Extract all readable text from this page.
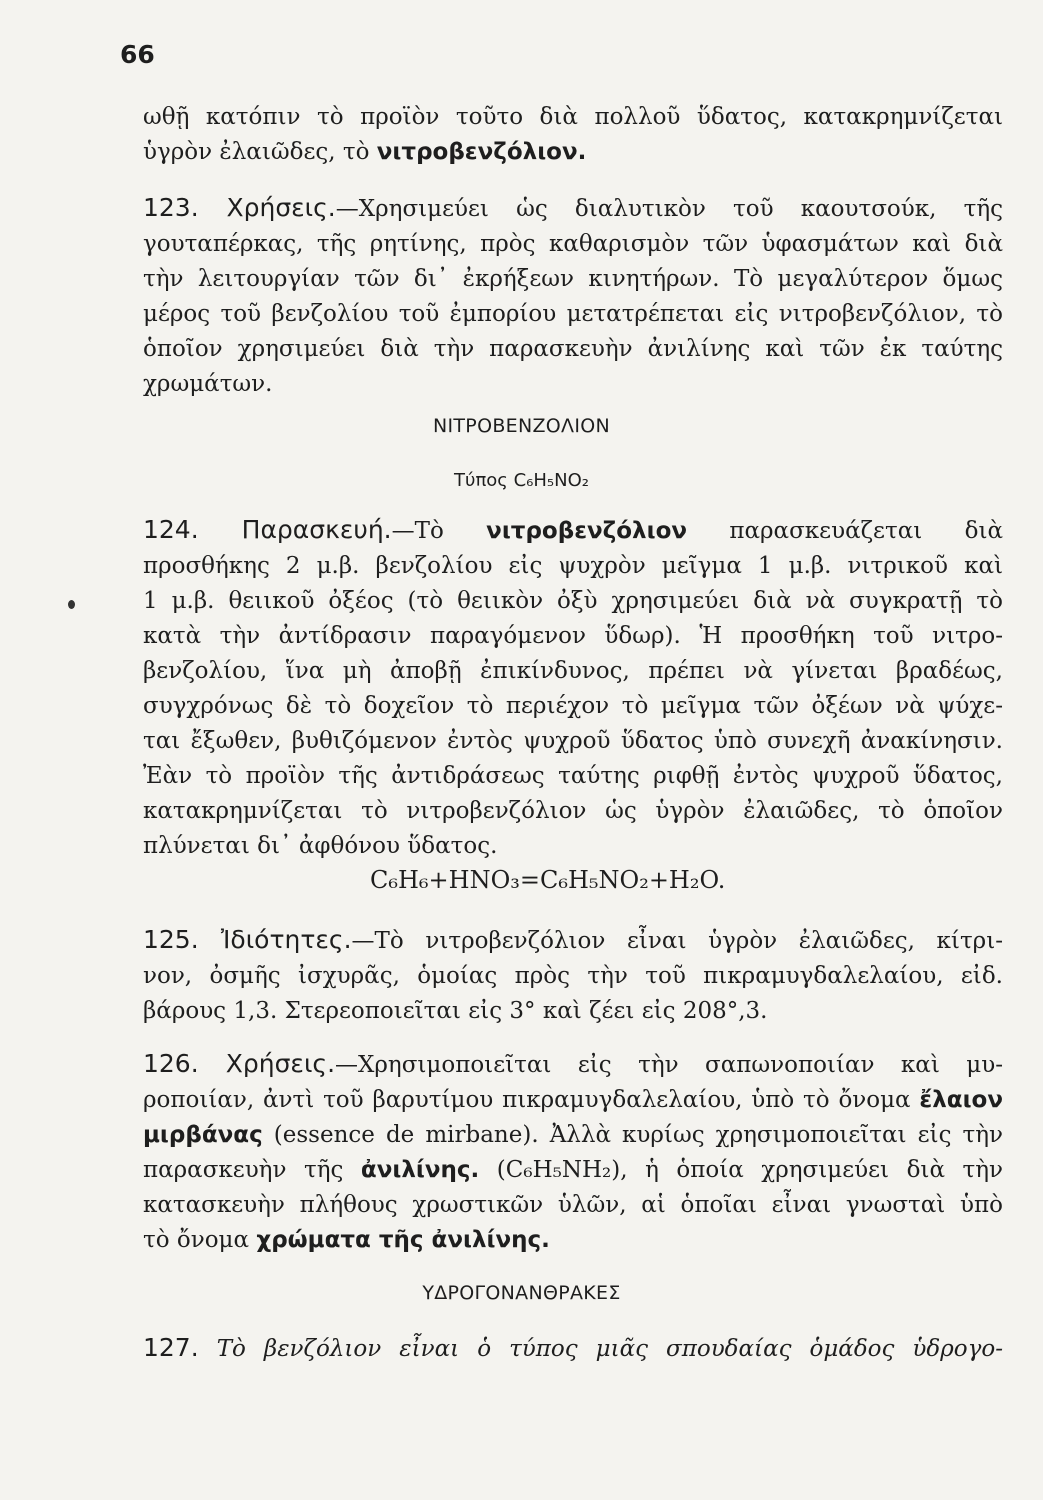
66
ωθῇ κατόπιν τὸ προϊὸν τοῦτο διὰ πολλοῦ ὕδατος, κατακρημνίζεται
ὑγρὸν ἐλαιῶδες, τὸ νιτροβενζόλιον.
123. Χρήσεις.—Χρησιμεύει ὡς διαλυτικὸν τοῦ καουτσούκ, τῆς
γουταπέρκας, τῆς ρητίνης, πρὸς καθαρισμὸν τῶν ὑφασμάτων καὶ διὰ
τὴν λειτουργίαν τῶν δι᾽ ἐκρήξεων κινητήρων. Τὸ μεγαλύτερον ὅμως
μέρος τοῦ βενζολίου τοῦ ἐμπορίου μετατρέπεται εἰς νιτροβενζόλιον, τὸ
ὁποῖον χρησιμεύει διὰ τὴν παρασκευὴν ἀνιλίνης καὶ τῶν ἐκ ταύτης
χρωμάτων.
ΝΙΤΡΟΒΕΝΖΟΛΙΟΝ
Τύπος C₆H₅NO₂
124. Παρασκευή.—Τὸ νιτροβενζόλιον παρασκευάζεται διὰ
προσθήκης 2 μ.β. βενζολίου εἰς ψυχρὸν μεῖγμα 1 μ.β. νιτρικοῦ καὶ
1 μ.β. θειικοῦ ὀξέος (τὸ θειικὸν ὀξὺ χρησιμεύει διὰ νὰ συγκρατῇ τὸ
κατὰ τὴν ἀντίδρασιν παραγόμενον ὕδωρ). Ἡ προσθήκη τοῦ νιτρο-
βενζολίου, ἵνα μὴ ἀποβῇ ἐπικίνδυνος, πρέπει νὰ γίνεται βραδέως,
συγχρόνως δὲ τὸ δοχεῖον τὸ περιέχον τὸ μεῖγμα τῶν ὀξέων νὰ ψύχε-
ται ἔξωθεν, βυθιζόμενον ἐντὸς ψυχροῦ ὕδατος ὑπὸ συνεχῆ ἀνακίνησιν.
Ἐὰν τὸ προϊὸν τῆς ἀντιδράσεως ταύτης ριφθῇ ἐντὸς ψυχροῦ ὕδατος,
κατακρημνίζεται τὸ νιτροβενζόλιον ὡς ὑγρὸν ἐλαιῶδες, τὸ ὁποῖον
πλύνεται δι᾽ ἀφθόνου ὕδατος.
C₆H₆+HNO₃=C₆H₅NO₂+H₂O.
125. Ἰδιότητες.—Τὸ νιτροβενζόλιον εἶναι ὑγρὸν ἐλαιῶδες, κίτρι-
νον, ὀσμῆς ἰσχυρᾶς, ὁμοίας πρὸς τὴν τοῦ πικραμυγδαλελαίου, εἰδ.
βάρους 1,3. Στερεοποιεῖται εἰς 3° καὶ ζέει εἰς 208°,3.
126. Χρήσεις.—Χρησιμοποιεῖται εἰς τὴν σαπωνοποιίαν καὶ μυ-
ροποιίαν, ἀντὶ τοῦ βαρυτίμου πικραμυγδαλελαίου, ὑπὸ τὸ ὄνομα ἔλαιον
μιρβάνας (essence de mirbane). Ἀλλὰ κυρίως χρησιμοποιεῖται εἰς τὴν
παρασκευὴν τῆς ἀνιλίνης. (C₆H₅NH₂), ἡ ὁποία χρησιμεύει διὰ τὴν
κατασκευὴν πλήθους χρωστικῶν ὑλῶν, αἱ ὁποῖαι εἶναι γνωσταὶ ὑπὸ
τὸ ὄνομα χρώματα τῆς ἀνιλίνης.
ΥΔΡΟΓΟΝΑΝΘΡΑΚΕΣ
127. Τὸ βενζόλιον εἶναι ὁ τύπος μιᾶς σπουδαίας ὁμάδος ὑδρογο-
